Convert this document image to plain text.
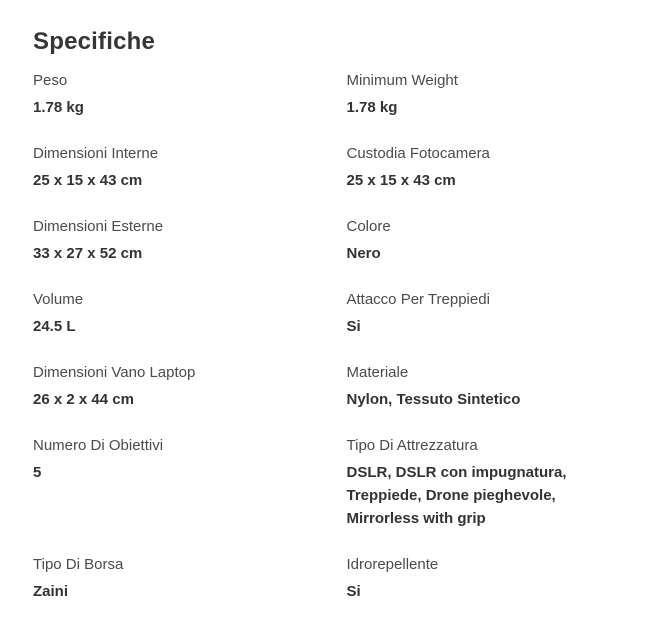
Specifiche
Peso
1.78 kg
Minimum Weight
1.78 kg
Dimensioni Interne
25 x 15 x 43 cm
Custodia Fotocamera
25 x 15 x 43 cm
Dimensioni Esterne
33 x 27 x 52 cm
Colore
Nero
Volume
24.5 L
Attacco Per Treppiedi
Si
Dimensioni Vano Laptop
26 x 2 x 44 cm
Materiale
Nylon, Tessuto Sintetico
Numero Di Obiettivi
5
Tipo Di Attrezzatura
DSLR, DSLR con impugnatura, Treppiede, Drone pieghevole, Mirrorless with grip
Tipo Di Borsa
Zaini
Idrorepellente
Si
